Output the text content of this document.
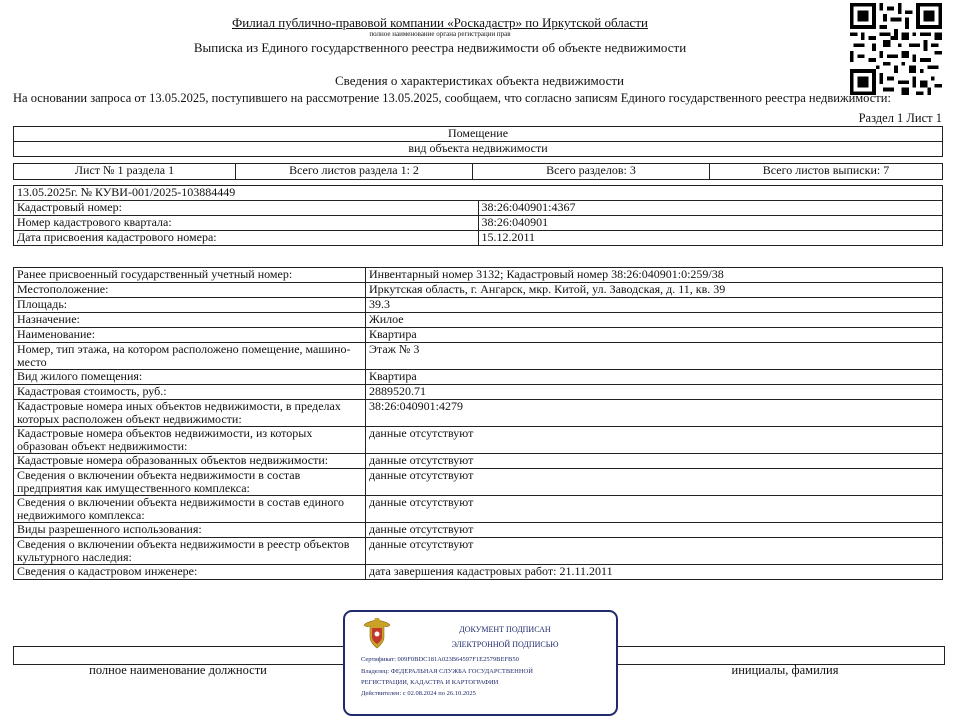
Филиал публично-правовой компании «Роскадастр» по Иркутской области
полное наименование органа регистрации прав
Выписка из Единого государственного реестра недвижимости об объекте недвижимости
Сведения о характеристиках объекта недвижимости
На основании запроса от 13.05.2025, поступившего на рассмотрение 13.05.2025, сообщаем, что согласно записям Единого государственного реестра недвижимости:
Раздел 1 Лист 1
Помещение
вид объекта недвижимости
Лист № 1 раздела 1	Всего листов раздела 1: 2	Всего разделов: 3	Всего листов выписки: 7
13.05.2025г. № КУВИ-001/2025-103884449	
Кадастровый номер:	38:26:040901:4367
Номер кадастрового квартала:	38:26:040901
Дата присвоения кадастрового номера:	15.12.2011
Ранее присвоенный государственный учетный номер:	Инвентарный номер 3132; Кадастровый номер 38:26:040901:0:259/38
Местоположение:	Иркутская область, г. Ангарск, мкр. Китой, ул. Заводская, д. 11, кв. 39
Площадь:	39.3
Назначение:	Жилое
Наименование:	Квартира
Номер, тип этажа, на котором расположено помещение, машино-место	Этаж № 3
Вид жилого помещения:	Квартира
Кадастровая стоимость, руб.:	2889520.71
Кадастровые номера иных объектов недвижимости, в пределах которых расположен объект недвижимости:	38:26:040901:4279
Кадастровые номера объектов недвижимости, из которых образован объект недвижимости:	данные отсутствуют
Кадастровые номера образованных объектов недвижимости:	данные отсутствуют
Сведения о включении объекта недвижимости в состав предприятия как имущественного комплекса:	данные отсутствуют
Сведения о включении объекта недвижимости в состав единого недвижимого комплекса:	данные отсутствуют
Виды разрешенного использования:	данные отсутствуют
Сведения о включении объекта недвижимости в реестр объектов культурного наследия:	данные отсутствуют
Сведения о кадастровом инженере:	дата завершения кадастровых работ: 21.11.2011
полное наименование должности	инициалы, фамилия
ДОКУМЕНТ ПОДПИСАН
ЭЛЕКТРОННОЙ ПОДПИСЬЮ
Сертификат: 009F0BDC181A023B64597F1E2579BEFB50
Владелец: ФЕДЕРАЛЬНАЯ СЛУЖБА ГОСУДАРСТВЕННОЙ
РЕГИСТРАЦИИ, КАДАСТРА И КАРТОГРАФИИ
Действителен: с 02.08.2024 по 26.10.2025
